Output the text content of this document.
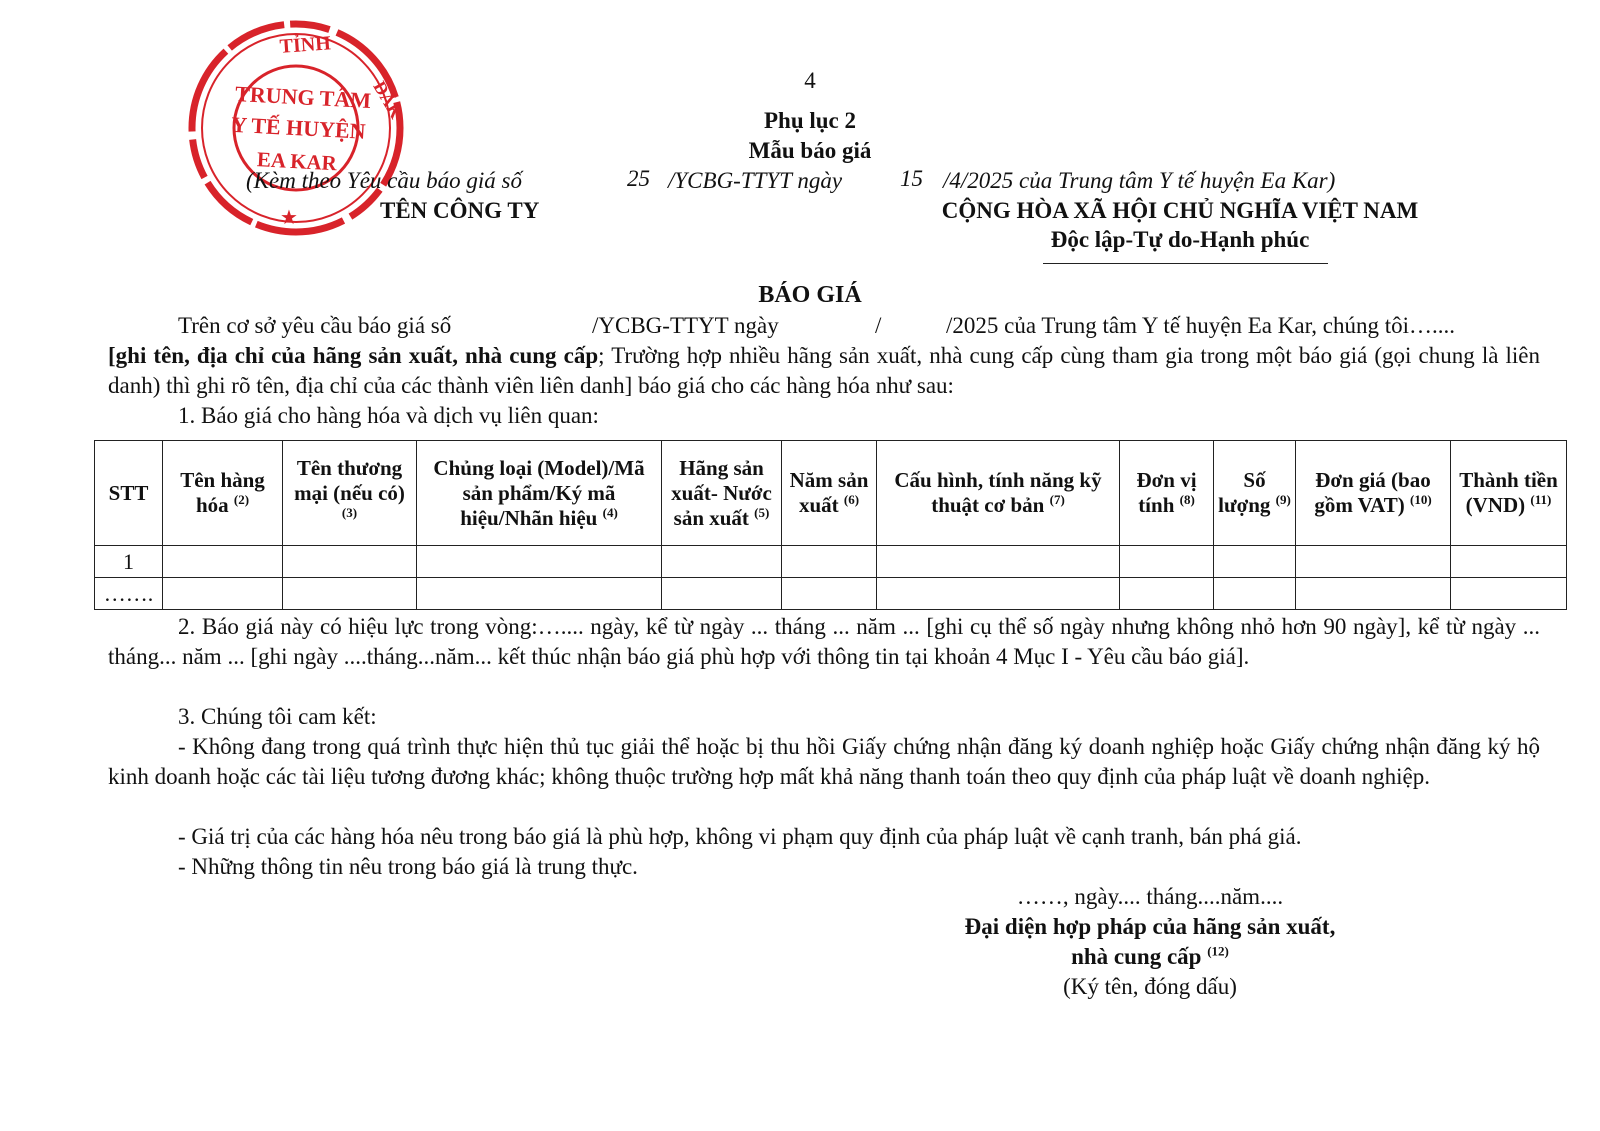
TỈNH
ĐẮK
TRUNG TÂM
Y TẾ HUYỆN
EA KAR
★
4
Phụ lục 2
Mẫu báo giá
(Kèm theo Yêu cầu báo giá số	25 /YCBG-TTYT ngày	15 /4/2025 của Trung tâm Y tế huyện Ea Kar)
TÊN CÔNG TY	CỘNG HÒA XÃ HỘI CHỦ NGHĨA VIỆT NAM
Độc lập-Tự do-Hạnh phúc
BÁO GIÁ
Trên cơ sở yêu cầu báo giá số	/YCBG-TTYT ngày	/	/2025 của Trung tâm Y tế huyện Ea Kar, chúng tôi…....
[ghi tên, địa chỉ của hãng sản xuất, nhà cung cấp; Trường hợp nhiều hãng sản xuất, nhà cung cấp cùng tham gia trong một báo giá (gọi chung là liên danh) thì ghi rõ tên, địa chỉ của các thành viên liên danh] báo giá cho các hàng hóa như sau:
1. Báo giá cho hàng hóa và dịch vụ liên quan:
STT	Tên hàng hóa $^{(2)}$	Tên thương mại (nếu có) $^{(3)}$	Chủng loại (Model)/Mã sản phẩm/Ký mã hiệu/Nhãn hiệu $^{(4)}$	Hãng sản xuất- Nước sản xuất $^{(5)}$	Năm sản xuất $^{(6)}$	Cấu hình, tính năng kỹ thuật cơ bản $^{(7)}$	Đơn vị tính $^{(8)}$	Số lượng $^{(9)}$	Đơn giá (bao gồm VAT) $^{(10)}$	Thành tiền (VND) $^{(11)}$
1										
…….										
2. Báo giá này có hiệu lực trong vòng:….... ngày, kể từ ngày ... tháng ... năm ... [ghi cụ thể số ngày nhưng không nhỏ hơn 90 ngày], kể từ ngày ... tháng... năm ... [ghi ngày ....tháng...năm... kết thúc nhận báo giá phù hợp với thông tin tại khoản 4 Mục I - Yêu cầu báo giá].
3. Chúng tôi cam kết:
- Không đang trong quá trình thực hiện thủ tục giải thể hoặc bị thu hồi Giấy chứng nhận đăng ký doanh nghiệp hoặc Giấy chứng nhận đăng ký hộ kinh doanh hoặc các tài liệu tương đương khác; không thuộc trường hợp mất khả năng thanh toán theo quy định của pháp luật về doanh nghiệp.
- Giá trị của các hàng hóa nêu trong báo giá là phù hợp, không vi phạm quy định của pháp luật về cạnh tranh, bán phá giá.
- Những thông tin nêu trong báo giá là trung thực.
……, ngày.... tháng....năm....
Đại diện hợp pháp của hãng sản xuất,
nhà cung cấp $^{(12)}$
(Ký tên, đóng dấu)
